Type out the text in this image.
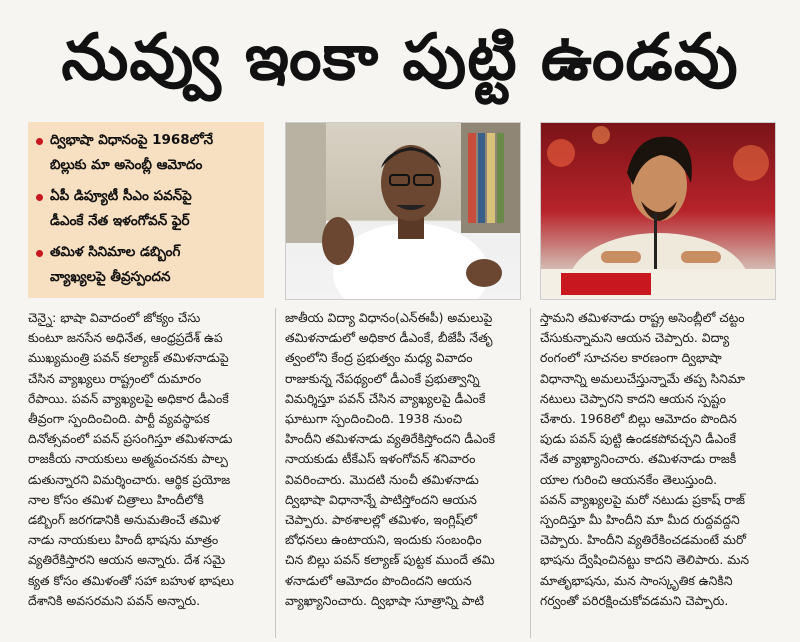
నువ్వు ఇంకా పుట్టి ఉండవు
ద్విభాషా విధానంపై 1968లోనే
బిల్లుకు మా అసెంబ్లీ ఆమోదం
ఏపీ డిప్యూటీ సీఎం పవన్‌పై
డీఎంకే నేత ఇళంగోవన్ ఫైర్
తమిళ సినిమాల డబ్బింగ్
వ్యాఖ్యలపై తీవ్రస్పందన
చెన్నై: భాషా వివాదంలో జోక్యం చేసు
కుంటూ జనసేన అధినేత, ఆంధ్రప్రదేశ్ ఉప
ముఖ్యమంత్రి పవన్ కల్యాణ్ తమిళనాడుపై
చేసిన వ్యాఖ్యలు రాష్ట్రంలో దుమారం
రేపాయి. పవన్ వ్యాఖ్యలపై అధికార డీఎంకే
తీవ్రంగా స్పందించింది. పార్టీ వ్యవస్థాపక
దినోత్సవంలో పవన్ ప్రసంగిస్తూ తమిళనాడు
రాజకీయ నాయకులు అత్మవంచనకు పాల్ప
డుతున్నారని విమర్శించారు. ఆర్థిక ప్రయోజ
నాల కోసం తమిళ చిత్రాలు హిందీలోకి
డబ్బింగ్ జరగడానికి అనుమతించే తమిళ
నాడు నాయకులు హిందీ భాషను మాత్రం
వ్యతిరేకిస్తారని ఆయన అన్నారు. దేశ సమై
క్యత కోసం తమిళంతో సహా బహుళ భాషలు
దేశానికి అవసరమని పవన్ అన్నారు.
జాతీయ విద్యా విధానం(ఎన్ఈపీ) అమలుపై
తమిళనాడులో అధికార డీఎంకే, బీజేపీ నేతృ
త్వంలోని కేంద్ర ప్రభుత్వం మధ్య వివాదం
రాజుకున్న నేపథ్యంలో డీఎంకే ప్రభుత్వాన్ని
విమర్శిస్తూ పవన్ చేసిన వ్యాఖ్యలపై డీఎంకే
ఘాటుగా స్పందించింది. 1938 నుంచి
హిందీని తమిళనాడు వ్యతిరేకిస్తోందని డీఎంకే
నాయకుడు టీకేఎస్ ఇళంగోవన్ శనివారం
వివరించారు. మొదటి నుంచీ తమిళనాడు
ద్విభాషా విధానాన్నే పాటిస్తోందని ఆయన
చెప్పారు. పాఠశాలల్లో తమిళం, ఇంగ్లిష్‌లో
బోధనలు ఉంటాయని, ఇందుకు సంబంధిం
చిన బిల్లు పవన్ కల్యాణ్ పుట్టక ముందే తమి
ళనాడులో ఆమోదం పొందిందని ఆయన
వ్యాఖ్యానించారు. ద్విభాషా సూత్రాన్ని పాటి
స్తామని తమిళనాడు రాష్ట్ర అసెంబ్లీలో చట్టం
చేసుకున్నామని ఆయన చెప్పారు. విద్యా
రంగంలో సూచనల కారణంగా ద్విభాషా
విధానాన్ని అమలుచేస్తున్నామే తప్ప సినిమా
నటులు చెప్పారని కాదని ఆయన స్పష్టం
చేశారు. 1968లో బిల్లు ఆమోదం పొందిన
పుడు పవన్ పుట్టి ఉండకపోవచ్చని డీఎంకే
నేత వ్యాఖ్యానించారు. తమిళనాడు రాజకీ
యాల గురించి ఆయనకేం తెలుస్తుంది.
పవన్ వ్యాఖ్యలపై మరో నటుడు ప్రకాష్ రాజ్
స్పందిస్తూ మీ హిందీని మా మీద రుద్దవద్దని
చెప్పారు. హిందీని వ్యతిరేకించడమంటే మరో
భాషను ద్వేషించినట్టు కాదని తెలిపారు. మన
మాతృభాషను, మన సాంస్కృతిక ఉనికిని
గర్వంతో పరిరక్షించుకోవడమని చెప్పారు.
